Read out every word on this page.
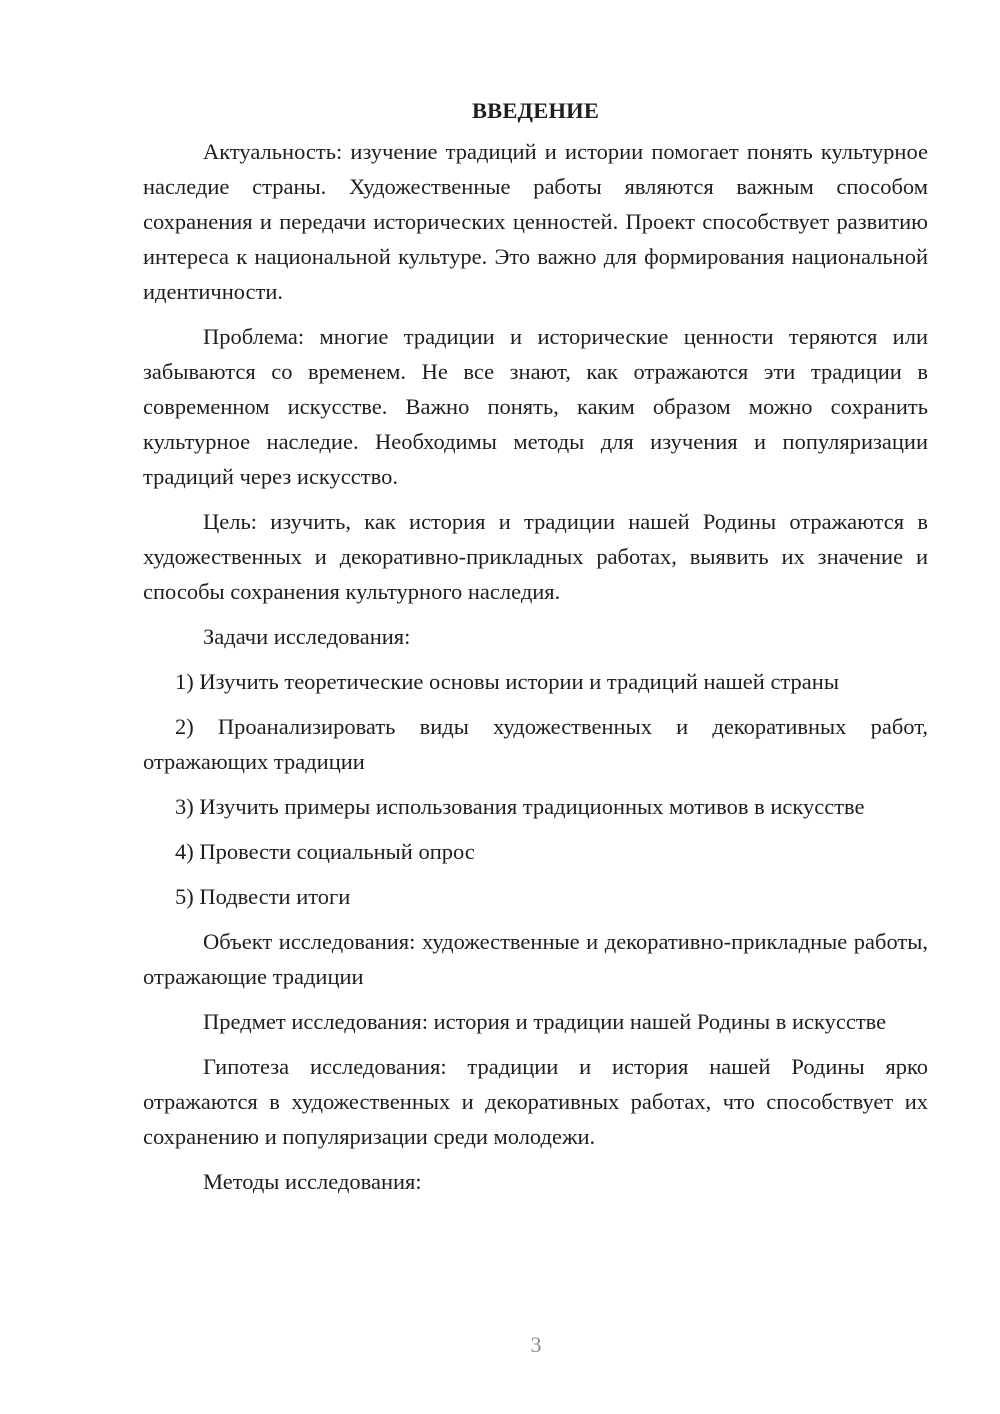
ВВЕДЕНИЕ

Актуальность: изучение традиций и истории помогает понять культурное наследие страны. Художественные работы являются важным способом сохранения и передачи исторических ценностей. Проект способствует развитию интереса к национальной культуре. Это важно для формирования национальной идентичности.

Проблема: многие традиции и исторические ценности теряются или забываются со временем. Не все знают, как отражаются эти традиции в современном искусстве. Важно понять, каким образом можно сохранить культурное наследие. Необходимы методы для изучения и популяризации традиций через искусство.

Цель: изучить, как история и традиции нашей Родины отражаются в художественных и декоративно-прикладных работах, выявить их значение и способы сохранения культурного наследия.

Задачи исследования:

1) Изучить теоретические основы истории и традиций нашей страны

2) Проанализировать виды художественных и декоративных работ, отражающих традиции

3) Изучить примеры использования традиционных мотивов в искусстве

4) Провести социальный опрос

5) Подвести итоги

Объект исследования: художественные и декоративно-прикладные работы, отражающие традиции

Предмет исследования: история и традиции нашей Родины в искусстве

Гипотеза исследования: традиции и история нашей Родины ярко отражаются в художественных и декоративных работах, что способствует их сохранению и популяризации среди молодежи.

Методы исследования:

3
